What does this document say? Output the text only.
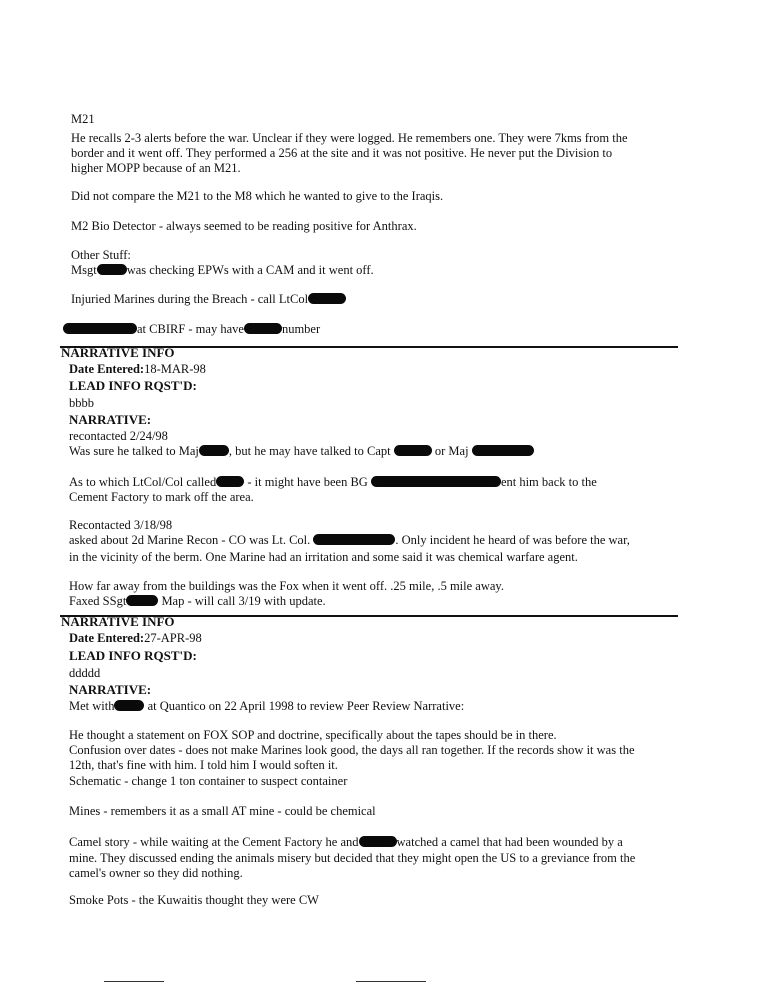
M21
He recalls 2-3 alerts before the war. Unclear if they were logged. He remembers one. They were 7kms from the
border and it went off. They performed a 256 at the site and it was not positive. He never put the Division to
higher MOPP because of an M21.
Did not compare the M21 to the M8 which he wanted to give to the Iraqis.
M2 Bio Detector - always seemed to be reading positive for Anthrax.
Other Stuff:
Msgt was checking EPWs with a CAM and it went off.
Injuried Marines during the Breach - call LtCol
at CBIRF - may have	number
NARRATIVE INFO
Date Entered:18-MAR-98
LEAD INFO RQST'D:
bbbb
NARRATIVE:
recontacted 2/24/98
Was sure he talked to Maj , but he may have talked to Capt	or Maj
As to which LtCol/Col called - it might have been BG	ent him back to the
Cement Factory to mark off the area.
Recontacted 3/18/98
asked about 2d Marine Recon - CO was Lt. Col.	. Only incident he heard of was before the war,
in the vicinity of the berm. One Marine had an irritation and some said it was chemical warfare agent.
How far away from the buildings was the Fox when it went off. .25 mile, .5 mile away.
Faxed SSgt	Map - will call 3/19 with update.
NARRATIVE INFO
Date Entered:27-APR-98
LEAD INFO RQST'D:
ddddd
NARRATIVE:
Met with	at Quantico on 22 April 1998 to review Peer Review Narrative:
He thought a statement on FOX SOP and doctrine, specifically about the tapes should be in there.
Confusion over dates - does not make Marines look good, the days all ran together. If the records show it was the
12th, that's fine with him. I told him I would soften it.
Schematic - change 1 ton container to suspect container
Mines - remembers it as a small AT mine - could be chemical
Camel story - while waiting at the Cement Factory he and	watched a camel that had been wounded by a
mine. They discussed ending the animals misery but decided that they might open the US to a greviance from the
camel's owner so they did nothing.
Smoke Pots - the Kuwaitis thought they were CW
